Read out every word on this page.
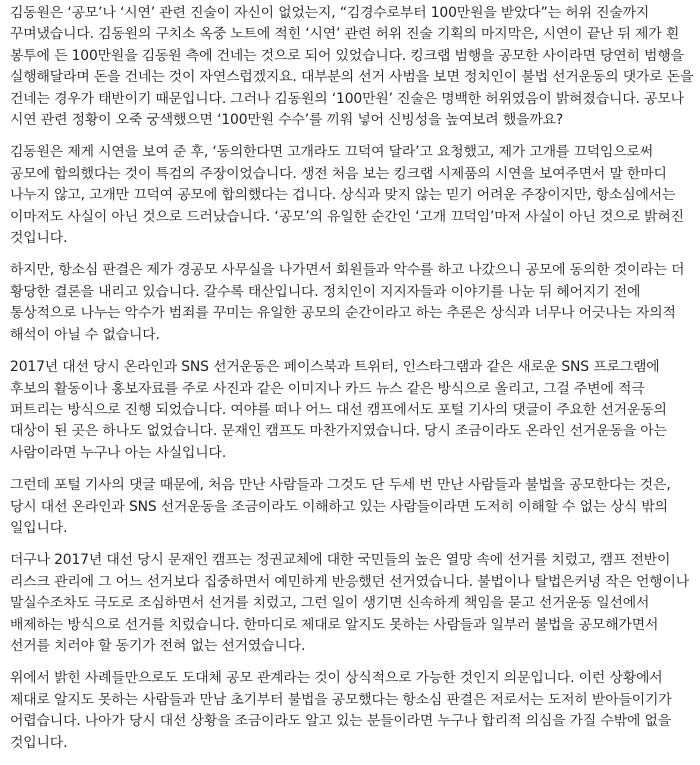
김동원은 ‘공모’나 ‘시연’ 관련 진술이 자신이 없었는지, “김경수로부터 100만원을 받았다”는 허위 진술까지 꾸며냈습니다. 김동원의 구치소 옥중 노트에 적힌 ‘시연’ 관련 허위 진술 기획의 마지막은, 시연이 끝난 뒤 제가 흰 봉투에 든 100만원을 김동원 측에 건네는 것으로 되어 있었습니다. 킹크랩 범행을 공모한 사이라면 당연히 범행을 실행해달라며 돈을 건네는 것이 자연스럽겠지요. 대부분의 선거 사범을 보면 정치인이 불법 선거운동의 댓가로 돈을 건네는 경우가 태반이기 때문입니다. 그러나 김동원의 ‘100만원’ 진술은 명백한 허위였음이 밝혀졌습니다. 공모나 시연 관련 정황이 오죽 궁색했으면 ‘100만원 수수’를 끼워 넣어 신빙성을 높여보려 했을까요?

김동원은 제게 시연을 보여 준 후, ‘동의한다면 고개라도 끄덕여 달라’고 요청했고, 제가 고개를 끄덕임으로써 공모에 합의했다는 것이 특검의 주장이었습니다. 생전 처음 보는 킹크랩 시제품의 시연을 보여주면서 말 한마디 나누지 않고, 고개만 끄덕여 공모에 합의했다는 겁니다. 상식과 맞지 않는 믿기 어려운 주장이지만, 항소심에서는 이마저도 사실이 아닌 것으로 드러났습니다. ‘공모’의 유일한 순간인 ‘고개 끄덕임’마저 사실이 아닌 것으로 밝혀진 것입니다.

하지만, 항소심 판결은 제가 경공모 사무실을 나가면서 회원들과 악수를 하고 나갔으니 공모에 동의한 것이라는 더 황당한 결론을 내리고 있습니다. 갈수록 태산입니다. 정치인이 지지자들과 이야기를 나눈 뒤 헤어지기 전에 통상적으로 나누는 악수가 범죄를 꾸미는 유일한 공모의 순간이라고 하는 추론은 상식과 너무나 어긋나는 자의적 해석이 아닐 수 없습니다.

2017년 대선 당시 온라인과 SNS 선거운동은 페이스북과 트위터, 인스타그램과 같은 새로운 SNS 프로그램에 후보의 활동이나 홍보자료를 주로 사진과 같은 이미지나 카드 뉴스 같은 방식으로 올리고, 그걸 주변에 적극 퍼트리는 방식으로 진행 되었습니다. 여야를 떠나 어느 대선 캠프에서도 포털 기사의 댓글이 주요한 선거운동의 대상이 된 곳은 하나도 없었습니다. 문재인 캠프도 마찬가지였습니다. 당시 조금이라도 온라인 선거운동을 아는 사람이라면 누구나 아는 사실입니다.

그런데 포털 기사의 댓글 때문에, 처음 만난 사람들과 그것도 단 두세 번 만난 사람들과 불법을 공모한다는 것은, 당시 대선 온라인과 SNS 선거운동을 조금이라도 이해하고 있는 사람들이라면 도저히 이해할 수 없는 상식 밖의 일입니다.

더구나 2017년 대선 당시 문재인 캠프는 정권교체에 대한 국민들의 높은 열망 속에 선거를 치렀고, 캠프 전반이 리스크 관리에 그 어느 선거보다 집중하면서 예민하게 반응했던 선거였습니다. 불법이나 탈법은커녕 작은 언행이나 말실수조차도 극도로 조심하면서 선거를 치렀고, 그런 일이 생기면 신속하게 책임을 묻고 선거운동 일선에서 배제하는 방식으로 선거를 치렀습니다. 한마디로 제대로 알지도 못하는 사람들과 일부러 불법을 공모해가면서 선거를 치러야 할 동기가 전혀 없는 선거였습니다.

위에서 밝힌 사례들만으로도 도대체 공모 관계라는 것이 상식적으로 가능한 것인지 의문입니다. 이런 상황에서 제대로 알지도 못하는 사람들과 만남 초기부터 불법을 공모했다는 항소심 판결은 저로서는 도저히 받아들이기가 어렵습니다. 나아가 당시 대선 상황을 조금이라도 알고 있는 분들이라면 누구나 합리적 의심을 가질 수밖에 없을 것입니다.
